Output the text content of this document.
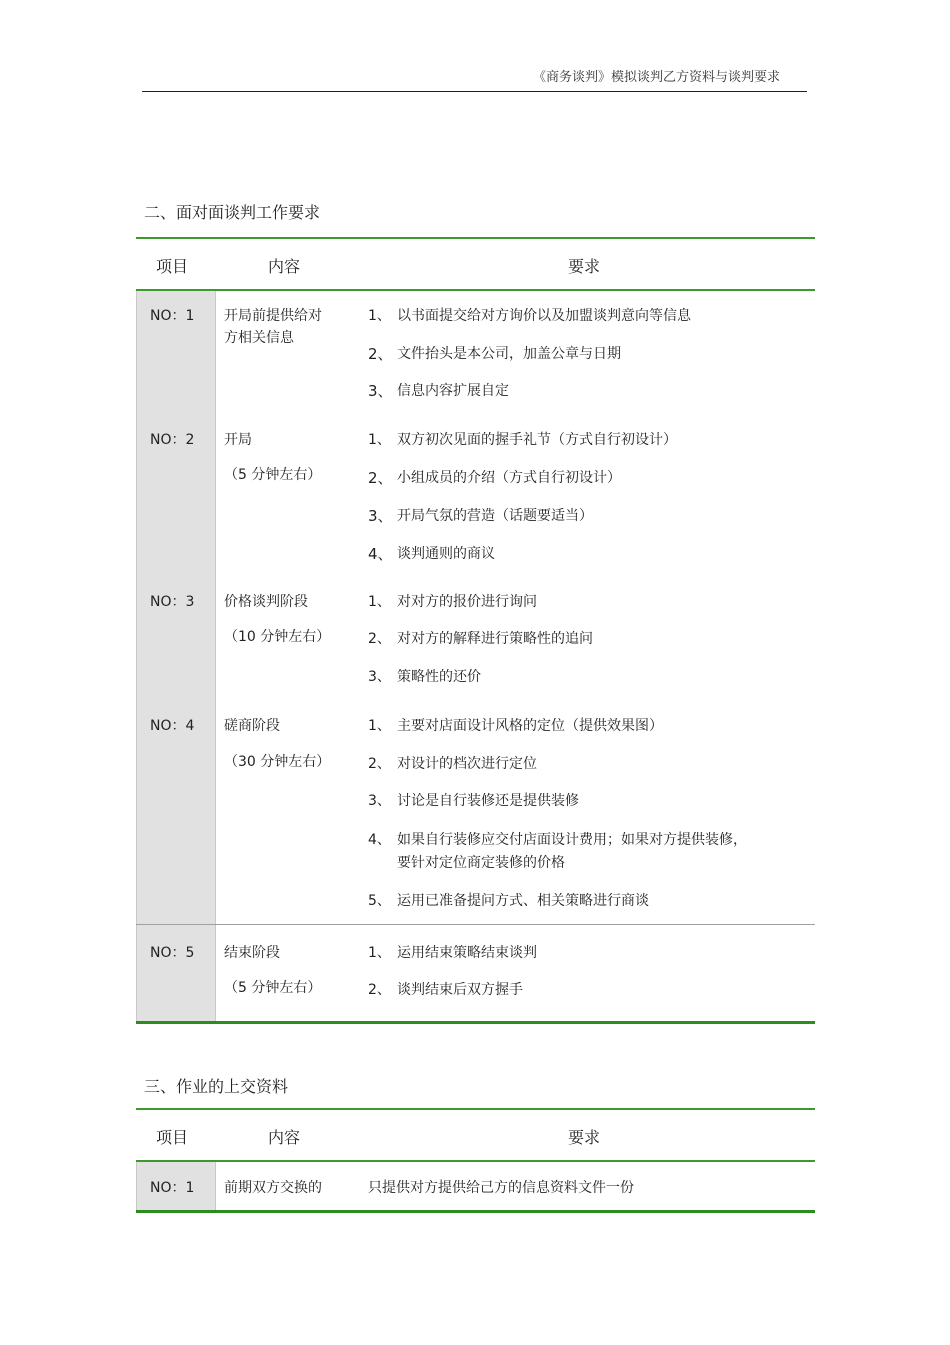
《商务谈判》模拟谈判乙方资料与谈判要求
二、面对面谈判工作要求
项目	内容	要求
NO：1 开局前提供给对
方相关信息
1、 以书面提交给对方询价以及加盟谈判意向等信息
2、 文件抬头是本公司，加盖公章与日期
3、 信息内容扩展自定
NO：2 开局
（5 分钟左右）
1、 双方初次见面的握手礼节（方式自行初设计）
2、 小组成员的介绍（方式自行初设计）
3、 开局气氛的营造（话题要适当）
4、 谈判通则的商议
NO：3 价格谈判阶段
（10 分钟左右）
1、 对对方的报价进行询问
2、 对对方的解释进行策略性的追问
3、 策略性的还价
NO：4 磋商阶段
（30 分钟左右）
1、 主要对店面设计风格的定位（提供效果图）
2、 对设计的档次进行定位
3、 讨论是自行装修还是提供装修
4、 如果自行装修应交付店面设计费用；如果对方提供装修，
要针对定位商定装修的价格
5、 运用已准备提问方式、相关策略进行商谈
NO：5 结束阶段
（5 分钟左右）
1、 运用结束策略结束谈判
2、 谈判结束后双方握手
三、作业的上交资料
项目	内容	要求
NO：1 前期双方交换的	只提供对方提供给己方的信息资料文件一份
